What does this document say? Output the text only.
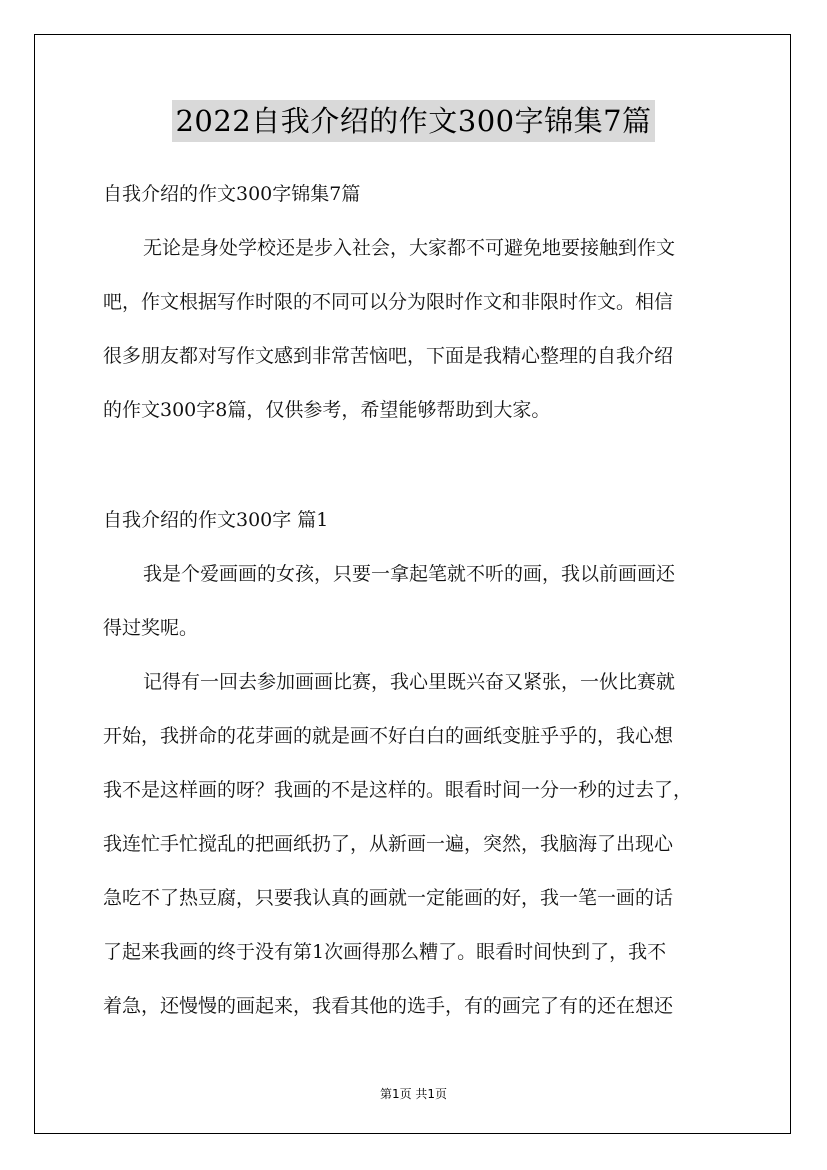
2022自我介绍的作文300字锦集7篇
自我介绍的作文300字锦集7篇
无论是身处学校还是步入社会，大家都不可避免地要接触到作文
吧，作文根据写作时限的不同可以分为限时作文和非限时作文。相信
很多朋友都对写作文感到非常苦恼吧，下面是我精心整理的自我介绍
的作文300字8篇，仅供参考，希望能够帮助到大家。
自我介绍的作文300字 篇1
我是个爱画画的女孩，只要一拿起笔就不听的画，我以前画画还
得过奖呢。
记得有一回去参加画画比赛，我心里既兴奋又紧张，一伙比赛就
开始，我拼命的花芽画的就是画不好白白的画纸变脏乎乎的，我心想
我不是这样画的呀？我画的不是这样的。眼看时间一分一秒的过去了，
我连忙手忙搅乱的把画纸扔了，从新画一遍，突然，我脑海了出现心
急吃不了热豆腐，只要我认真的画就一定能画的好，我一笔一画的话
了起来我画的终于没有第1次画得那么糟了。眼看时间快到了，我不
着急，还慢慢的画起来，我看其他的选手，有的画完了有的还在想还
第1页 共1页
